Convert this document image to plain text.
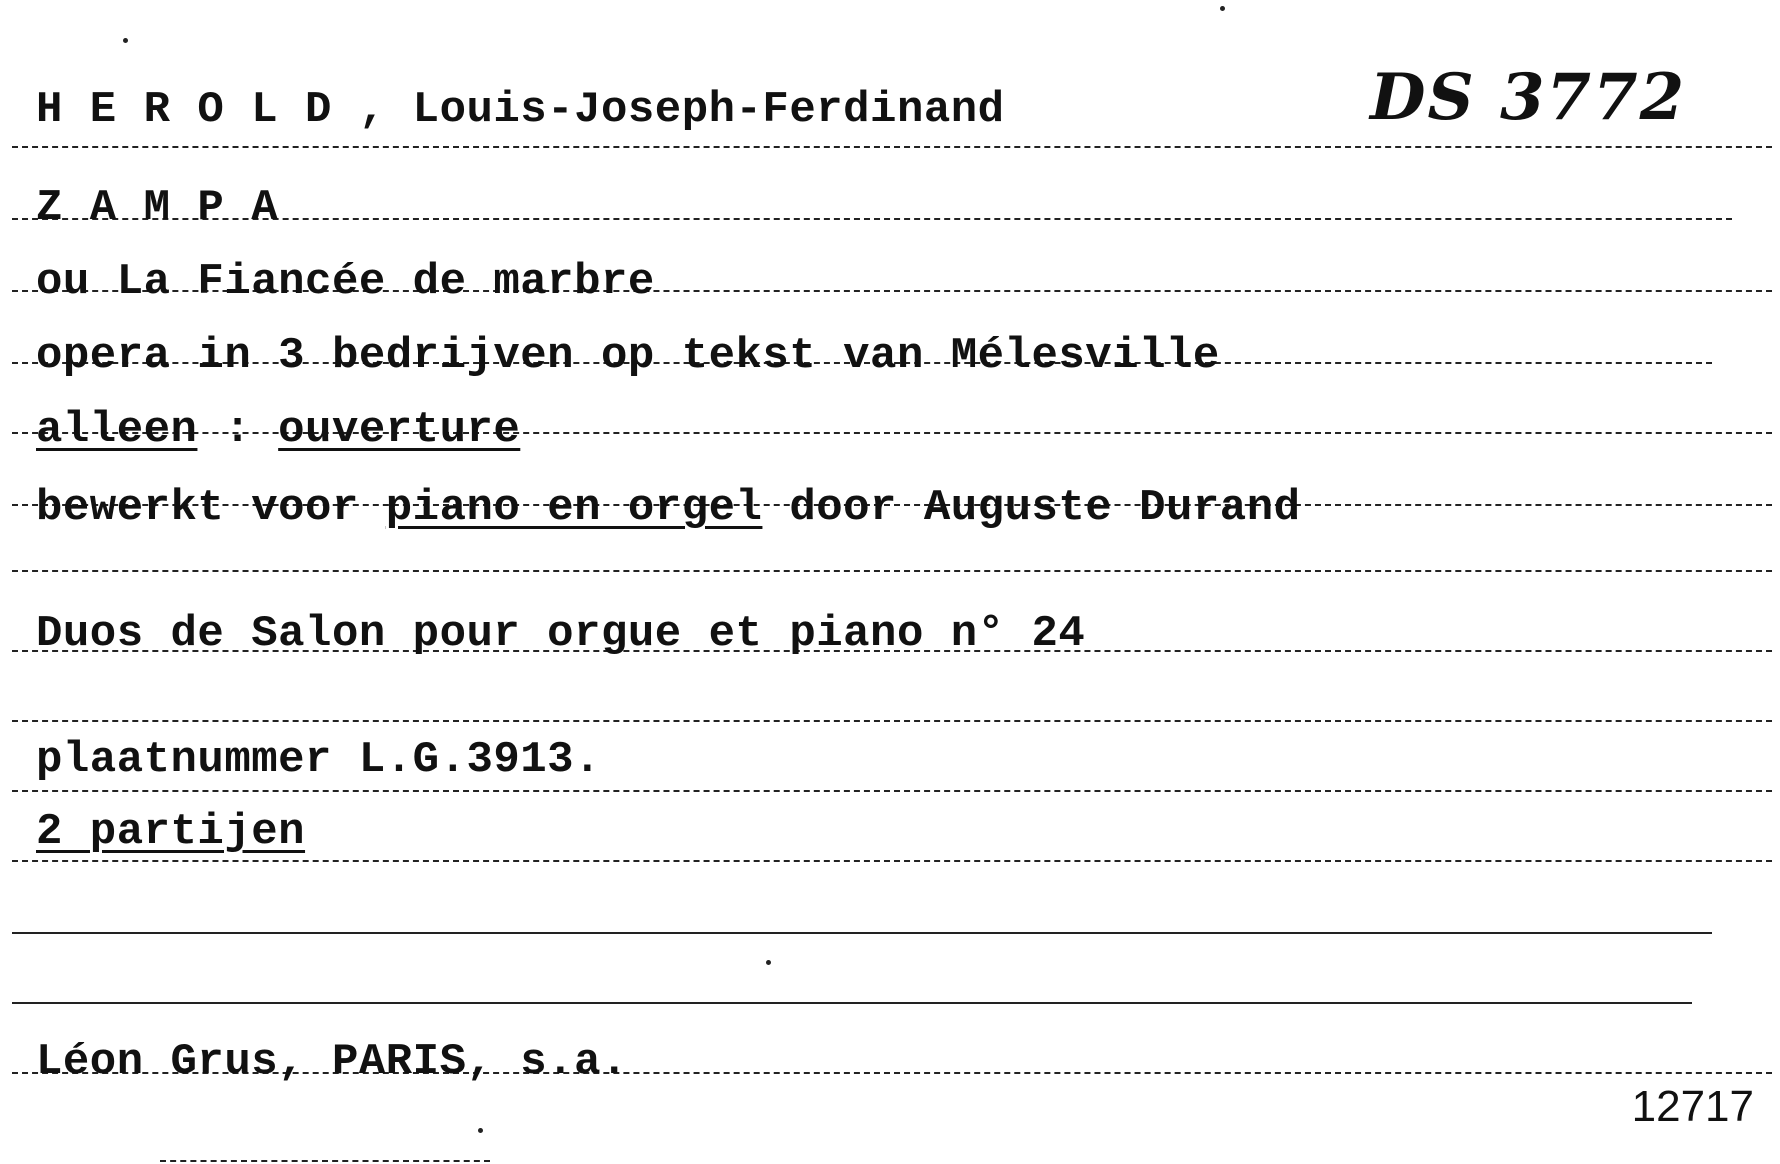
H E R O L D , Louis-Joseph-Ferdinand	DS 3772
Z A M P A
ou La Fiancée de marbre
opera in 3 bedrijven op tekst van Mélesville
alleen : ouverture
bewerkt voor piano en orgel door Auguste Durand
Duos de Salon pour orgue et piano n° 24
plaatnummer L.G.3913.
2 partijen
Léon Grus, PARIS, s.a.
12717
